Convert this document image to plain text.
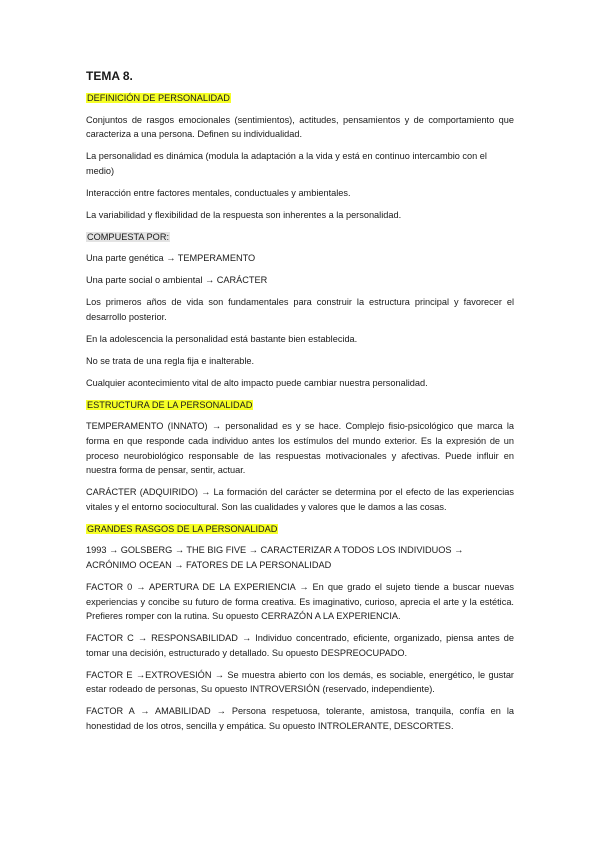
TEMA 8.
DEFINICIÓN DE PERSONALIDAD

Conjuntos de rasgos emocionales (sentimientos), actitudes, pensamientos y de comportamiento que caracteriza a una persona. Definen su individualidad.

La personalidad es dinámica (modula la adaptación a la vida y está en continuo intercambio con el medio)

Interacción entre factores mentales, conductuales y ambientales.

La variabilidad y flexibilidad de la respuesta son inherentes a la personalidad.

COMPUESTA POR:

Una parte genética → TEMPERAMENTO

Una parte social o ambiental → CARÁCTER

Los primeros años de vida son fundamentales para construir la estructura principal y favorecer el desarrollo posterior.

En la adolescencia la personalidad está bastante bien establecida.

No se trata de una regla fija e inalterable.

Cualquier acontecimiento vital de alto impacto puede cambiar nuestra personalidad.

ESTRUCTURA DE LA PERSONALIDAD

TEMPERAMENTO (INNATO) → personalidad es y se hace. Complejo fisio-psicológico que marca la forma en que responde cada individuo antes los estímulos del mundo exterior. Es la expresión de un proceso neurobiológico responsable de las respuestas motivacionales y afectivas. Puede influir en nuestra forma de pensar, sentir, actuar.

CARÁCTER (ADQUIRIDO) → La formación del carácter se determina por el efecto de las experiencias vitales y el entorno sociocultural. Son las cualidades y valores que le damos a las cosas.

GRANDES RASGOS DE LA PERSONALIDAD

1993 → GOLSBERG → THE BIG FIVE → CARACTERIZAR A TODOS LOS INDIVIDUOS → ACRÓNIMO OCEAN → FATORES DE LA PERSONALIDAD

FACTOR 0 → APERTURA DE LA EXPERIENCIA → En que grado el sujeto tiende a buscar nuevas experiencias y concibe su futuro de forma creativa. Es imaginativo, curioso, aprecia el arte y la estética. Prefieres romper con la rutina. Su opuesto CERRAZÓN A LA EXPERIENCIA.

FACTOR C → RESPONSABILIDAD → Individuo concentrado, eficiente, organizado, piensa antes de tomar una decisión, estructurado y detallado. Su opuesto DESPREOCUPADO.

FACTOR E →EXTROVESIÓN → Se muestra abierto con los demás, es sociable, energético, le gustar estar rodeado de personas, Su opuesto INTROVERSIÓN (reservado, independiente).

FACTOR A → AMABILIDAD → Persona respetuosa, tolerante, amistosa, tranquila, confía en la honestidad de los otros, sencilla y empática. Su opuesto INTROLERANTE, DESCORTES.
